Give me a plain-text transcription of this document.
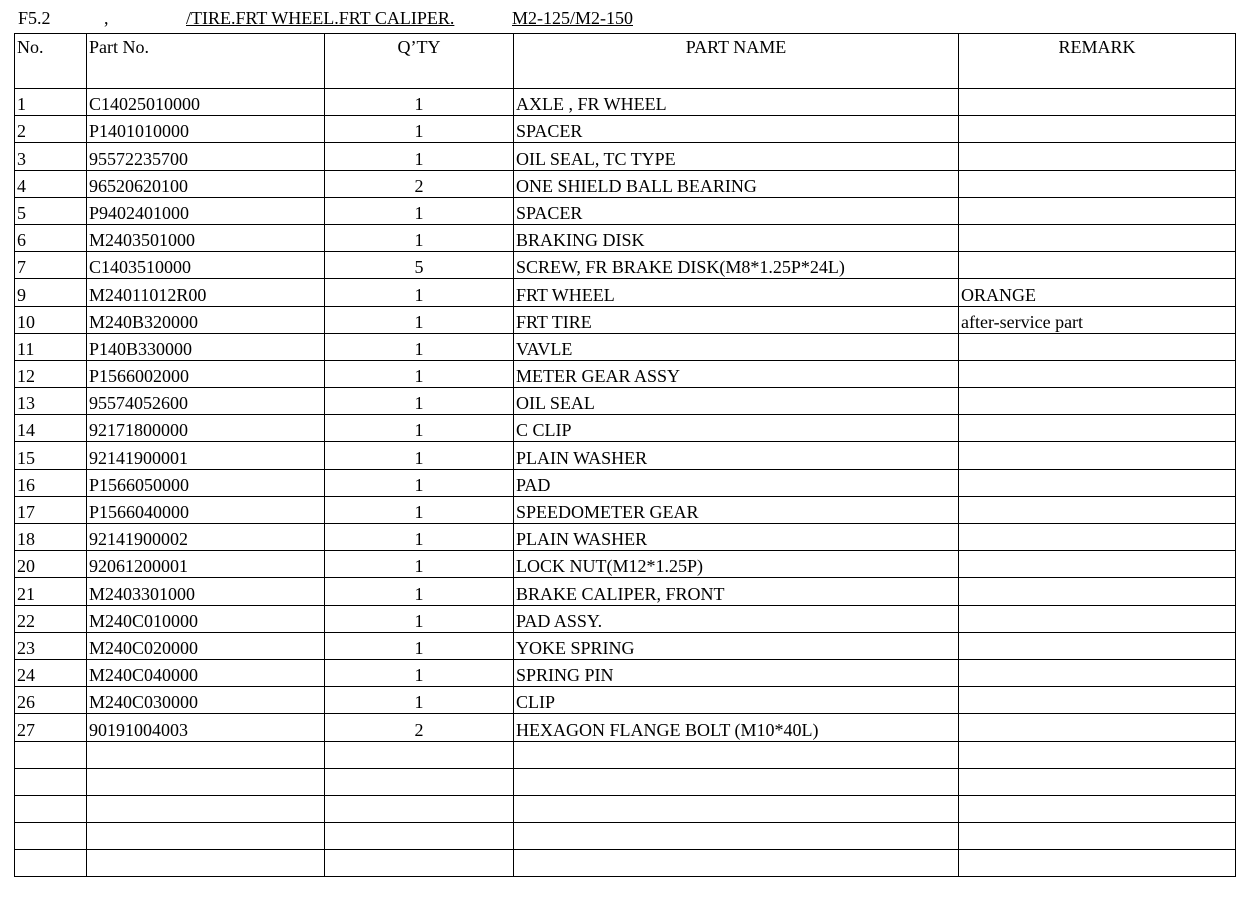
F5.2	,	/TIRE.FRT WHEEL.FRT CALIPER.	M2-125/M2-150
No.	Part No.	Q’TY	PART NAME	REMARK
1	C14025010000	1	AXLE , FR WHEEL	
2	P1401010000	1	SPACER	
3	95572235700	1	OIL SEAL, TC TYPE	
4	96520620100	2	ONE SHIELD BALL BEARING	
5	P9402401000	1	SPACER	
6	M2403501000	1	BRAKING DISK	
7	C1403510000	5	SCREW, FR BRAKE DISK(M8*1.25P*24L)	
9	M24011012R00	1	FRT WHEEL	ORANGE
10	M240B320000	1	FRT TIRE	after-service part
11	P140B330000	1	VAVLE	
12	P1566002000	1	METER GEAR ASSY	
13	95574052600	1	OIL SEAL	
14	92171800000	1	C CLIP	
15	92141900001	1	PLAIN WASHER	
16	P1566050000	1	PAD	
17	P1566040000	1	SPEEDOMETER GEAR	
18	92141900002	1	PLAIN WASHER	
20	92061200001	1	LOCK NUT(M12*1.25P)	
21	M2403301000	1	BRAKE CALIPER, FRONT	
22	M240C010000	1	PAD ASSY.	
23	M240C020000	1	YOKE SPRING	
24	M240C040000	1	SPRING PIN	
26	M240C030000	1	CLIP	
27	90191004003	2	HEXAGON FLANGE BOLT (M10*40L)	
